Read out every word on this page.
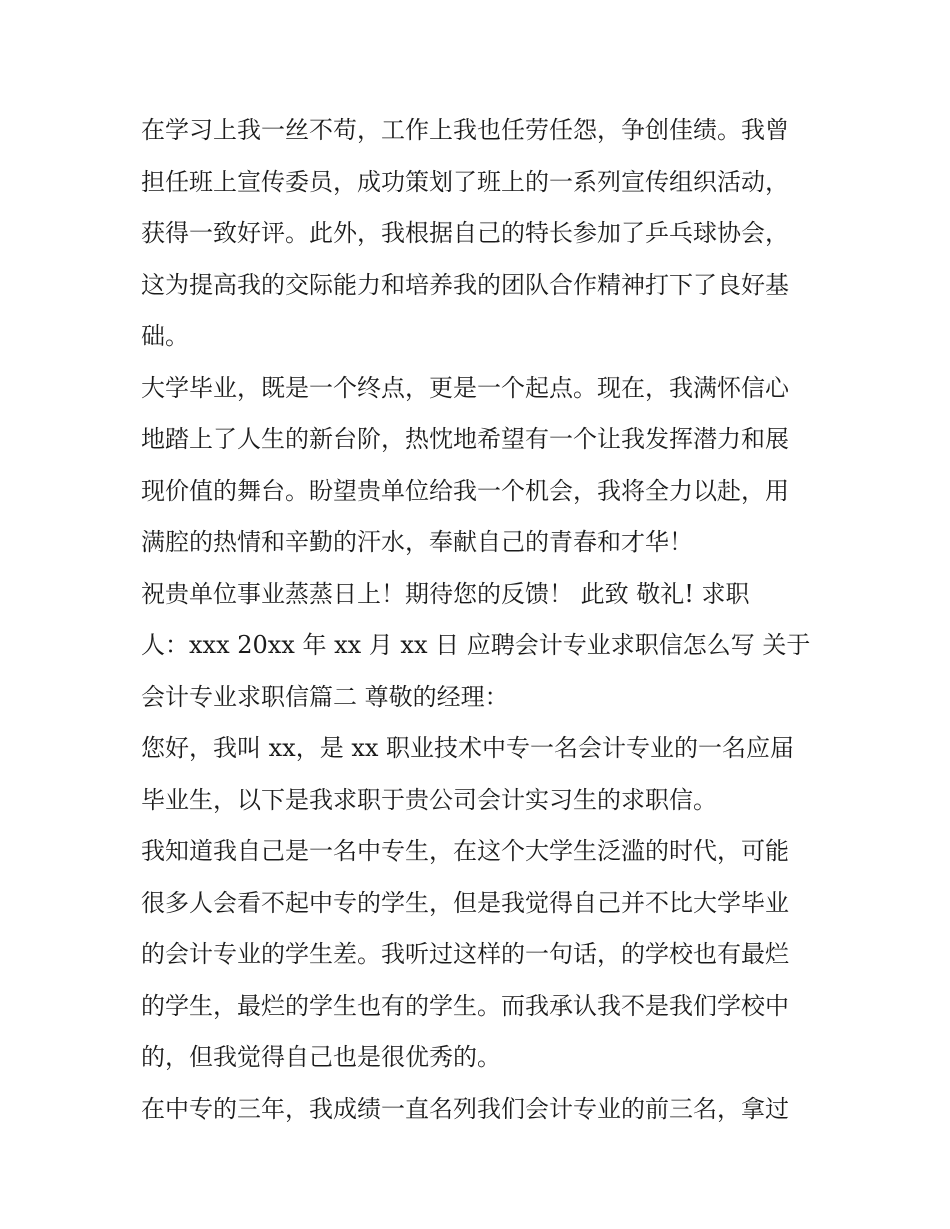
在学习上我一丝不苟，工作上我也任劳任怨，争创佳绩。我曾
担任班上宣传委员，成功策划了班上的一系列宣传组织活动，
获得一致好评。此外，我根据自己的特长参加了乒乓球协会，
这为提高我的交际能力和培养我的团队合作精神打下了良好基
础。
大学毕业，既是一个终点，更是一个起点。现在，我满怀信心
地踏上了人生的新台阶，热忱地希望有一个让我发挥潜力和展
现价值的舞台。盼望贵单位给我一个机会，我将全力以赴，用
满腔的热情和辛勤的汗水，奉献自己的青春和才华！
祝贵单位事业蒸蒸日上！期待您的反馈！ 此致 敬礼! 求职
人：xxx 20xx 年 xx 月 xx 日 应聘会计专业求职信怎么写 关于
会计专业求职信篇二 尊敬的经理：
您好，我叫 xx，是 xx 职业技术中专一名会计专业的一名应届
毕业生，以下是我求职于贵公司会计实习生的求职信。
我知道我自己是一名中专生，在这个大学生泛滥的时代，可能
很多人会看不起中专的学生，但是我觉得自己并不比大学毕业
的会计专业的学生差。我听过这样的一句话，的学校也有最烂
的学生，最烂的学生也有的学生。而我承认我不是我们学校中
的，但我觉得自己也是很优秀的。
在中专的三年，我成绩一直名列我们会计专业的前三名，拿过
